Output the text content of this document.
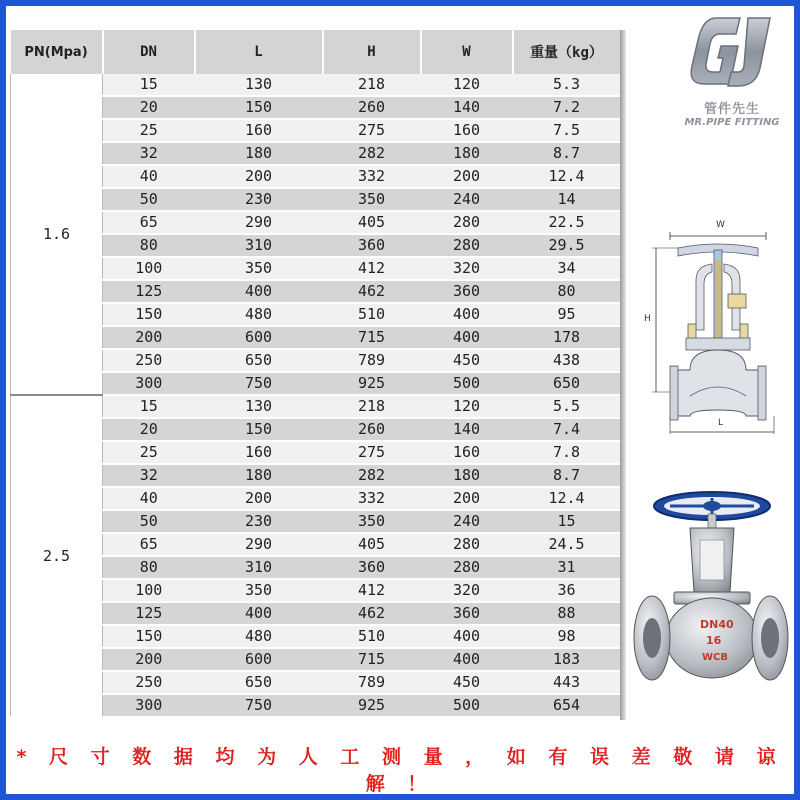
PN(Mpa)	DN	L	H	W	重量（kg）
1.6	15	130	218	120	5.3
	20	150	260	140	7.2
	25	160	275	160	7.5
	32	180	282	180	8.7
	40	200	332	200	12.4
	50	230	350	240	14
	65	290	405	280	22.5
	80	310	360	280	29.5
	100	350	412	320	34
	125	400	462	360	80
	150	480	510	400	95
	200	600	715	400	178
	250	650	789	450	438
	300	750	925	500	650
2.5	15	130	218	120	5.5
	20	150	260	140	7.4
	25	160	275	160	7.8
	32	180	282	180	8.7
	40	200	332	200	12.4
	50	230	350	240	15
	65	290	405	280	24.5
	80	310	360	280	31
	100	350	412	320	36
	125	400	462	360	88
	150	480	510	400	98
	200	600	715	400	183
	250	650	789	450	443
	300	750	925	500	654
GJ
管件先生
MR.PIPE FITTING
W
H
L
DN40
16
WCB
* 尺 寸 数 据 均 为 人 工 测 量 ， 如 有 误 差 敬 请 谅 解 ！
